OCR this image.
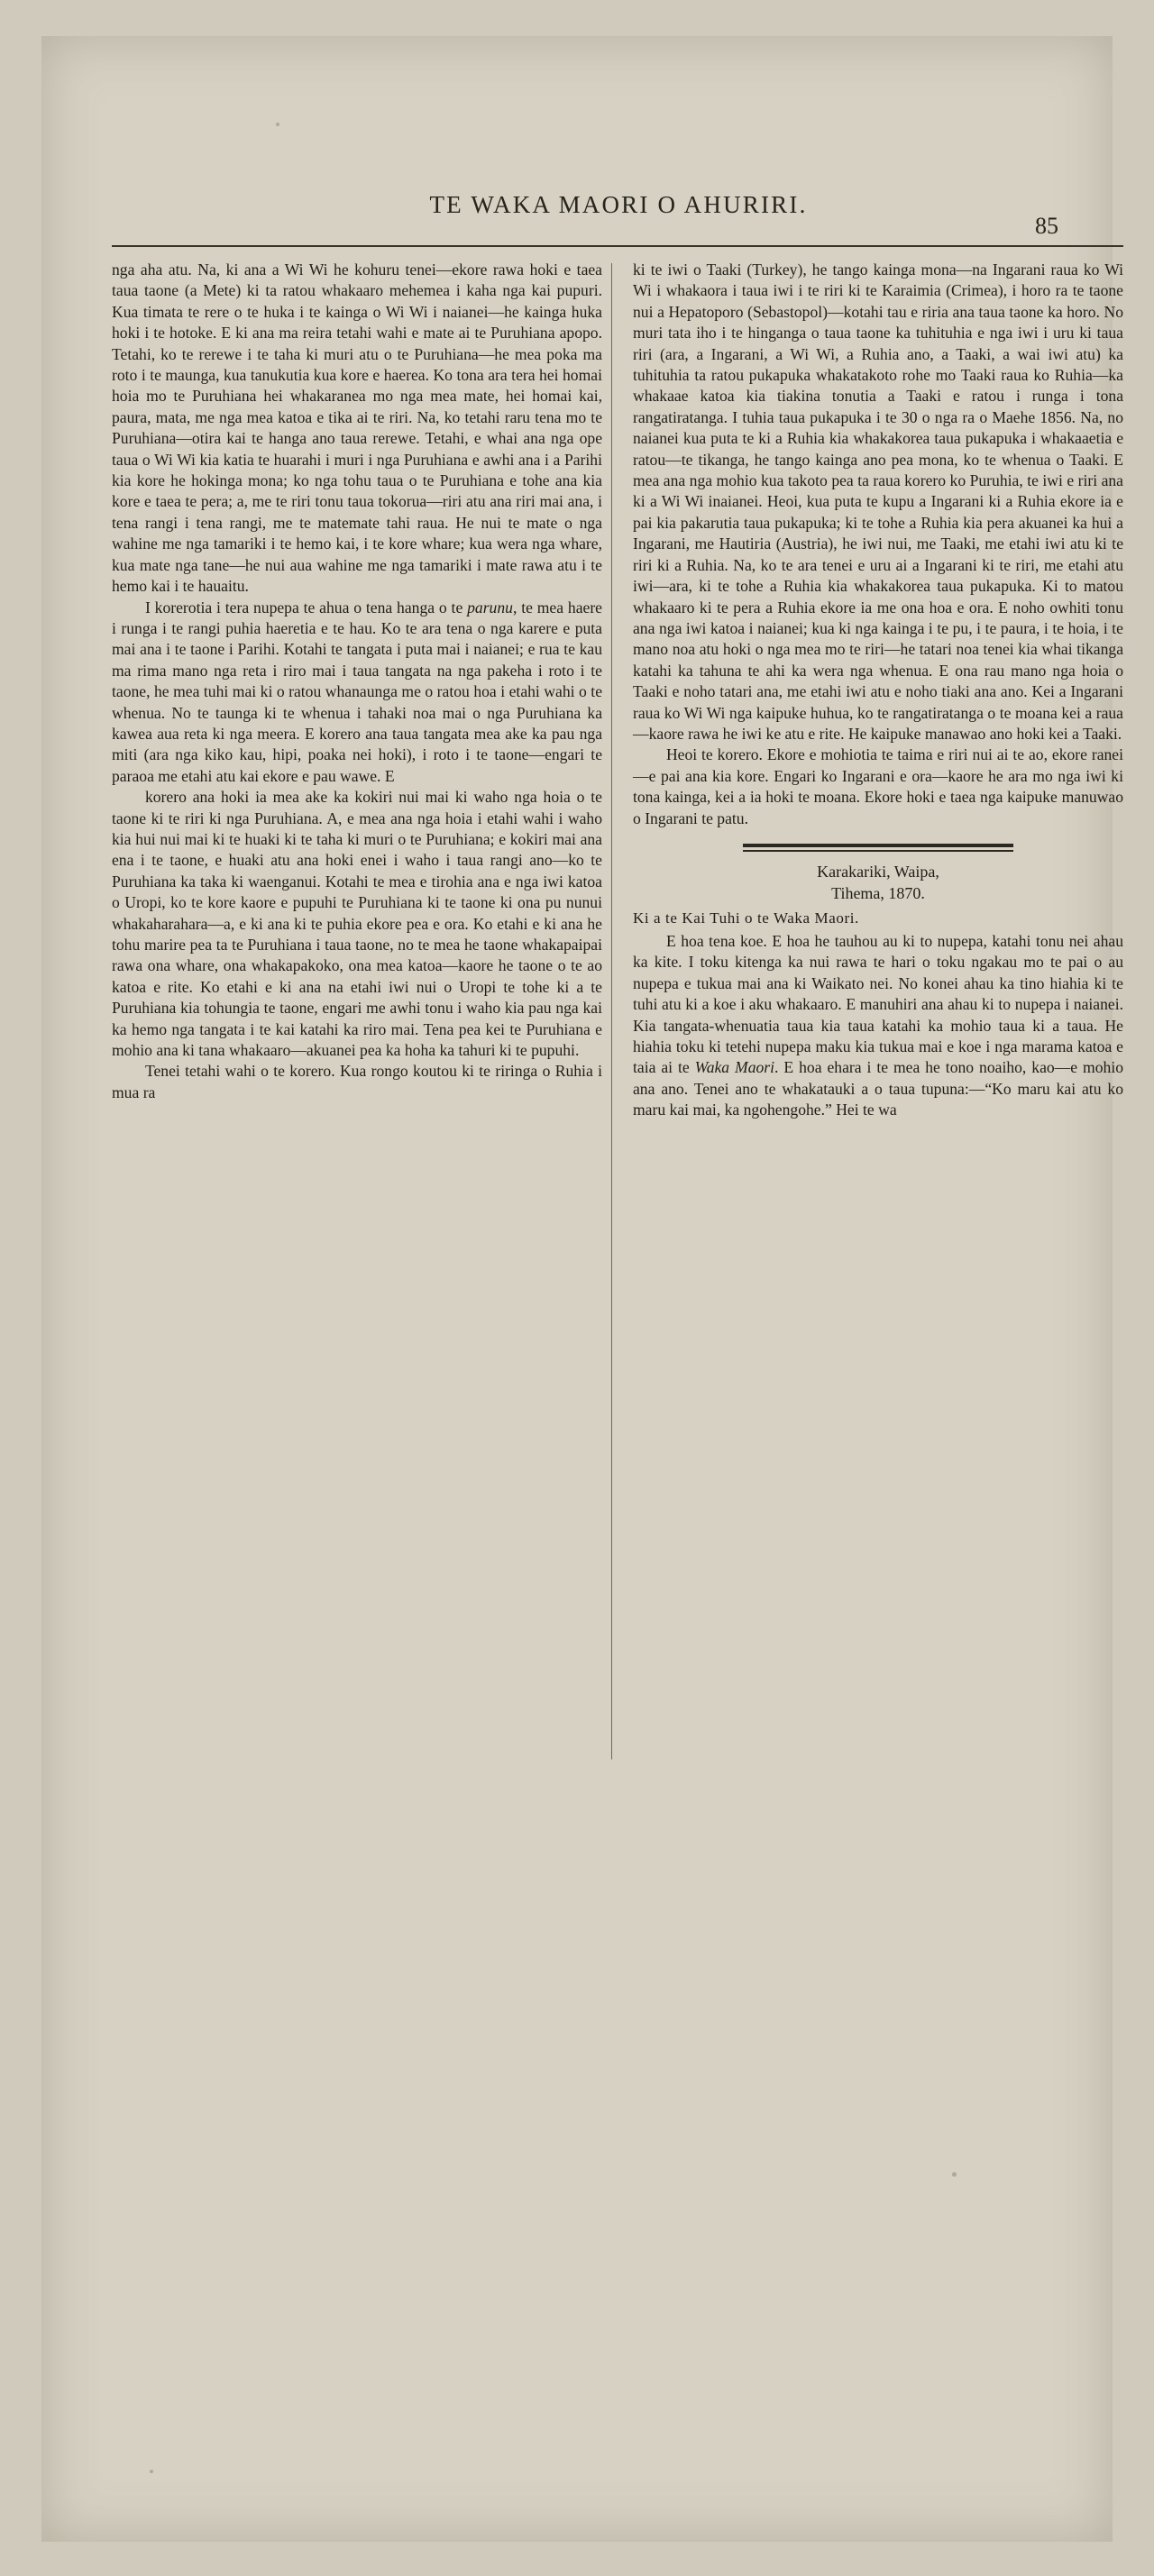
TE WAKA MAORI O AHURIRI.
85

nga aha atu. Na, ki ana a Wi Wi he kohuru tenei—ekore rawa hoki e taea taua taone (a Mete) ki ta ratou whakaaro mehemea i kaha nga kai pupuri. Kua timata te rere o te huka i te kainga o Wi Wi i naianei—he kainga huka hoki i te hotoke. E ki ana ma reira tetahi wahi e mate ai te Puruhiana apopo. Tetahi, ko te rerewe i te taha ki muri atu o te Puruhiana—he mea poka ma roto i te maunga, kua tanukutia kua kore e haerea. Ko tona ara tera hei homai hoia mo te Puruhiana hei whakaranea mo nga mea mate, hei homai kai, paura, mata, me nga mea katoa e tika ai te riri. Na, ko tetahi raru tena mo te Puruhiana—otira kai te hanga ano taua rerewe. Tetahi, e whai ana nga ope taua o Wi Wi kia katia te huarahi i muri i nga Puruhiana e awhi ana i a Parihi kia kore he hokinga mona; ko nga tohu taua o te Puruhiana e tohe ana kia kore e taea te pera; a, me te riri tonu taua tokorua—riri atu ana riri mai ana, i tena rangi i tena rangi, me te matemate tahi raua. He nui te mate o nga wahine me nga tamariki i te hemo kai, i te kore whare; kua wera nga whare, kua mate nga tane—he nui aua wahine me nga tamariki i mate rawa atu i te hemo kai i te hauaitu.

I korerotia i tera nupepa te ahua o tena hanga o te parunu, te mea haere i runga i te rangi puhia haeretia e te hau. Ko te ara tena o nga karere e puta mai ana i te taone i Parihi. Kotahi te tangata i puta mai i naianei; e rua te kau ma rima mano nga reta i riro mai i taua tangata na nga pakeha i roto i te taone, he mea tuhi mai ki o ratou whanaunga me o ratou hoa i etahi wahi o te whenua. No te taunga ki te whenua i tahaki noa mai o nga Puruhiana ka kawea aua reta ki nga meera. E korero ana taua tangata mea ake ka pau nga miti (ara nga kiko kau, hipi, poaka nei hoki), i roto i te taone—engari te paraoa me etahi atu kai ekore e pau wawe. E

korero ana hoki ia mea ake ka kokiri nui mai ki waho nga hoia o te taone ki te riri ki nga Puruhiana. A, e mea ana nga hoia i etahi wahi i waho kia hui nui mai ki te huaki ki te taha ki muri o te Puruhiana; e kokiri mai ana ena i te taone, e huaki atu ana hoki enei i waho i taua rangi ano—ko te Puruhiana ka taka ki waenganui. Kotahi te mea e tirohia ana e nga iwi katoa o Uropi, ko te kore kaore e pupuhi te Puruhiana ki te taone ki ona pu nunui whakaharahara—a, e ki ana ki te puhia ekore pea e ora. Ko etahi e ki ana he tohu marire pea ta te Puruhiana i taua taone, no te mea he taone whakapaipai rawa ona whare, ona whakapakoko, ona mea katoa—kaore he taone o te ao katoa e rite. Ko etahi e ki ana na etahi iwi nui o Uropi te tohe ki a te Puruhiana kia tohungia te taone, engari me awhi tonu i waho kia pau nga kai ka hemo nga tangata i te kai katahi ka riro mai. Tena pea kei te Puruhiana e mohio ana ki tana whakaaro—akuanei pea ka hoha ka tahuri ki te pupuhi.

Tenei tetahi wahi o te korero. Kua rongo koutou ki te riringa o Ruhia i mua ra

ki te iwi o Taaki (Turkey), he tango kainga mona—na Ingarani raua ko Wi Wi i whakaora i taua iwi i te riri ki te Karaimia (Crimea), i horo ra te taone nui a Hepatoporo (Sebastopol)—kotahi tau e riria ana taua taone ka horo. No muri tata iho i te hinganga o taua taone ka tuhituhia e nga iwi i uru ki taua riri (ara, a Ingarani, a Wi Wi, a Ruhia ano, a Taaki, a wai iwi atu) ka tuhituhia ta ratou pukapuka whakatakoto rohe mo Taaki raua ko Ruhia—ka whakaae katoa kia tiakina tonutia a Taaki e ratou i runga i tona rangatiratanga. I tuhia taua pukapuka i te 30 o nga ra o Maehe 1856. Na, no naianei kua puta te ki a Ruhia kia whakakorea taua pukapuka i whakaaetia e ratou—te tikanga, he tango kainga ano pea mona, ko te whenua o Taaki. E mea ana nga mohio kua takoto pea ta raua korero ko Puruhia, te iwi e riri ana ki a Wi Wi inaianei. Heoi, kua puta te kupu a Ingarani ki a Ruhia ekore ia e pai kia pakarutia taua pukapuka; ki te tohe a Ruhia kia pera akuanei ka hui a Ingarani, me Hautiria (Austria), he iwi nui, me Taaki, me etahi iwi atu ki te riri ki a Ruhia. Na, ko te ara tenei e uru ai a Ingarani ki te riri, me etahi atu iwi—ara, ki te tohe a Ruhia kia whakakorea taua pukapuka. Ki to matou whakaaro ki te pera a Ruhia ekore ia me ona hoa e ora. E noho owhiti tonu ana nga iwi katoa i naianei; kua ki nga kainga i te pu, i te paura, i te hoia, i te mano noa atu hoki o nga mea mo te riri—he tatari noa tenei kia whai tikanga katahi ka tahuna te ahi ka wera nga whenua. E ona rau mano nga hoia o Taaki e noho tatari ana, me etahi iwi atu e noho tiaki ana ano. Kei a Ingarani raua ko Wi Wi nga kaipuke huhua, ko te rangatiratanga o te moana kei a raua—kaore rawa he iwi ke atu e rite. He kaipuke manawao ano hoki kei a Taaki.

Heoi te korero. Ekore e mohiotia te taima e riri nui ai te ao, ekore ranei—e pai ana kia kore. Engari ko Ingarani e ora—kaore he ara mo nga iwi ki tona kainga, kei a ia hoki te moana. Ekore hoki e taea nga kaipuke manuwao o Ingarani te patu.

Karakariki, Waipa,
Tihema, 1870.
Ki a te Kai Tuhi o te Waka Maori.

E hoa tena koe. E hoa he tauhou au ki to nupepa, katahi tonu nei ahau ka kite. I toku kitenga ka nui rawa te hari o toku ngakau mo te pai o au nupepa e tukua mai ana ki Waikato nei. No konei ahau ka tino hiahia ki te tuhi atu ki a koe i aku whakaaro. E manuhiri ana ahau ki to nupepa i naianei. Kia tangata-whenuatia taua kia taua katahi ka mohio taua ki a taua. He hiahia toku ki tetehi nupepa maku kia tukua mai e koe i nga marama katoa e taia ai te Waka Maori. E hoa ehara i te mea he tono noaiho, kao—e mohio ana ano. Tenei ano te whakatauki a o taua tupuna:—“Ko maru kai atu ko maru kai mai, ka ngohengohe.” Hei te wa
